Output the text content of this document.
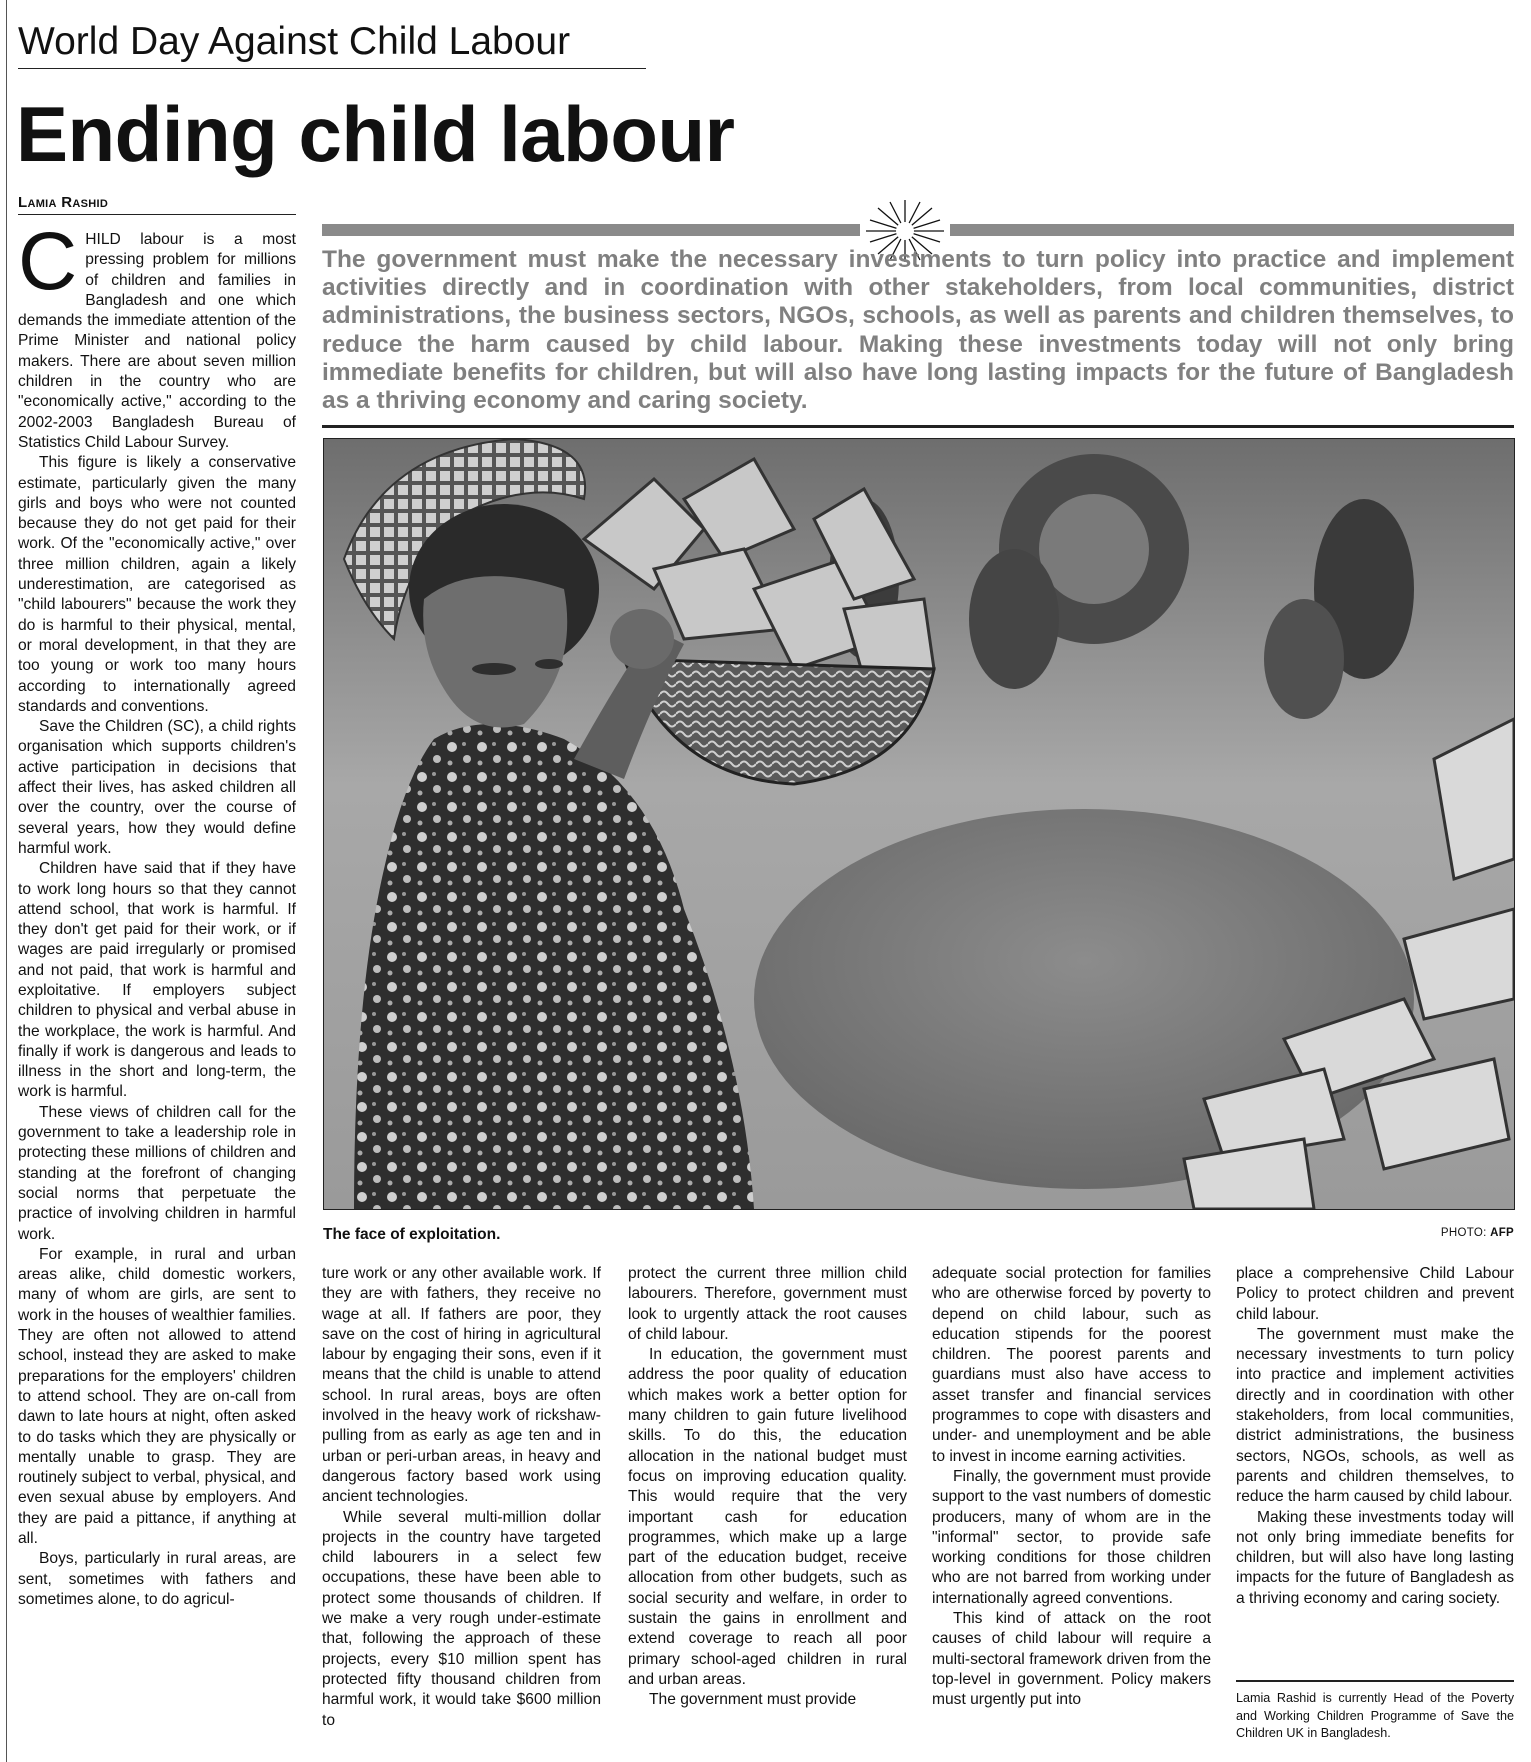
World Day Against Child Labour
Ending child labour
Lamia Rashid

CHILD labour is a most pressing problem for millions of children and families in Bangladesh and one which demands the immediate attention of the Prime Minister and national policy makers. There are about seven million children in the country who are "economically active," according to the 2002-2003 Bangladesh Bureau of Statistics Child Labour Survey.

This figure is likely a conservative estimate, particularly given the many girls and boys who were not counted because they do not get paid for their work. Of the "economically active," over three million children, again a likely underestimation, are categorised as "child labourers" because the work they do is harmful to their physical, mental, or moral development, in that they are too young or work too many hours according to internationally agreed standards and conventions.

Save the Children (SC), a child rights organisation which supports children's active participation in decisions that affect their lives, has asked children all over the country, over the course of several years, how they would define harmful work.

Children have said that if they have to work long hours so that they cannot attend school, that work is harmful. If they don't get paid for their work, or if wages are paid irregularly or promised and not paid, that work is harmful and exploitative. If employers subject children to physical and verbal abuse in the workplace, the work is harmful. And finally if work is dangerous and leads to illness in the short and long-term, the work is harmful.

These views of children call for the government to take a leadership role in protecting these millions of children and standing at the forefront of changing social norms that perpetuate the practice of involving children in harmful work.

For example, in rural and urban areas alike, child domestic workers, many of whom are girls, are sent to work in the houses of wealthier families. They are often not allowed to attend school, instead they are asked to make preparations for the employers' children to attend school. They are on-call from dawn to late hours at night, often asked to do tasks which they are physically or mentally unable to grasp. They are routinely subject to verbal, physical, and even sexual abuse by employers. And they are paid a pittance, if anything at all.

Boys, particularly in rural areas, are sent, sometimes with fathers and sometimes alone, to do agricul-

The government must make the necessary investments to turn policy into practice and implement activities directly and in coordination with other stakeholders, from local communities, district administrations, the business sectors, NGOs, schools, as well as parents and children themselves, to reduce the harm caused by child labour. Making these investments today will not only bring immediate benefits for children, but will also have long lasting impacts for the future of Bangladesh as a thriving economy and caring society.
The face of exploitation.	PHOTO: AFP

ture work or any other available work. If they are with fathers, they receive no wage at all. If fathers are poor, they save on the cost of hiring in agricultural labour by engaging their sons, even if it means that the child is unable to attend school. In rural areas, boys are often involved in the heavy work of rickshaw-pulling from as early as age ten and in urban or peri-urban areas, in heavy and dangerous factory based work using ancient technologies.

While several multi-million dollar projects in the country have targeted child labourers in a select few occupations, these have been able to protect some thousands of children. If we make a very rough under-estimate that, following the approach of these projects, every $10 million spent has protected fifty thousand children from harmful work, it would take $600 million to

protect the current three million child labourers. Therefore, government must look to urgently attack the root causes of child labour.

In education, the government must address the poor quality of education which makes work a better option for many children to gain future livelihood skills. To do this, the education allocation in the national budget must focus on improving education quality. This would require that the very important cash for education programmes, which make up a large part of the education budget, receive allocation from other budgets, such as social security and welfare, in order to sustain the gains in enrollment and extend coverage to reach all poor primary school-aged children in rural and urban areas.

The government must provide

adequate social protection for families who are otherwise forced by poverty to depend on child labour, such as education stipends for the poorest children. The poorest parents and guardians must also have access to asset transfer and financial services programmes to cope with disasters and under- and unemployment and be able to invest in income earning activities.

Finally, the government must provide support to the vast numbers of domestic producers, many of whom are in the "informal" sector, to provide safe working conditions for those children who are not barred from working under internationally agreed conventions.

This kind of attack on the root causes of child labour will require a multi-sectoral framework driven from the top-level in government. Policy makers must urgently put into

place a comprehensive Child Labour Policy to protect children and prevent child labour.

The government must make the necessary investments to turn policy into practice and implement activities directly and in coordination with other stakeholders, from local communities, district administrations, the business sectors, NGOs, schools, as well as parents and children themselves, to reduce the harm caused by child labour.

Making these investments today will not only bring immediate benefits for children, but will also have long lasting impacts for the future of Bangladesh as a thriving economy and caring society.

Lamia Rashid is currently Head of the Poverty and Working Children Programme of Save the Children UK in Bangladesh.
